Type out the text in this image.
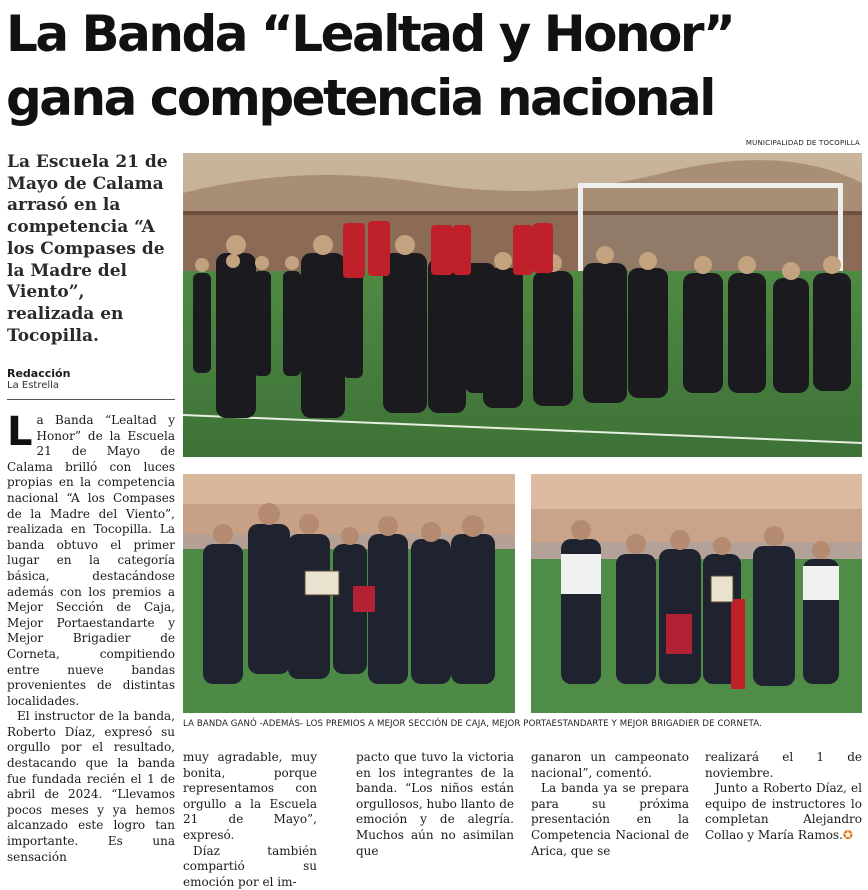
La Banda “Lealtad y Honor” gana competencia nacional
MUNICIPALIDAD DE TOCOPILLA
La Escuela 21 de Mayo de Calama arrasó en la competencia “A los Compases de la Madre del Viento”, realizada en Tocopilla.
Redacción
La Estrella
LA BANDA GANÓ -ADEMÁS- LOS PREMIOS A MEJOR SECCIÓN DE CAJA, MEJOR PORTAESTANDARTE Y MEJOR BRIGADIER DE CORNETA.

La Banda “Lealtad y Honor” de la Escuela 21 de Mayo de Calama brilló con luces propias en la competencia nacional “A los Compases de la Madre del Viento”, realizada en Tocopilla. La banda obtuvo el primer lugar en la categoría básica, destacándose además con los premios a Mejor Sección de Caja, Mejor Portaestandarte y Mejor Brigadier de Corneta, compitiendo entre nueve bandas provenientes de distintas localidades.

El instructor de la banda, Roberto Díaz, expresó su orgullo por el resultado, destacando que la banda fue fundada recién el 1 de abril de 2024. “Llevamos pocos meses y ya hemos alcanzado este logro tan importante. Es una sensación

muy agradable, muy bonita, porque representamos con orgullo a la Escuela 21 de Mayo”, expresó.

Díaz también compartió su emoción por el im-

pacto que tuvo la victoria en los integrantes de la banda. “Los niños están orgullosos, hubo llanto de emoción y de alegría. Muchos aún no asimilan que

ganaron un campeonato nacional”, comentó.

La banda ya se prepara para su próxima presentación en la Competencia Nacional de Arica, que se

realizará el 1 de noviembre.

Junto a Roberto Díaz, el equipo de instructores lo completan Alejandro Collao y María Ramos.✪
